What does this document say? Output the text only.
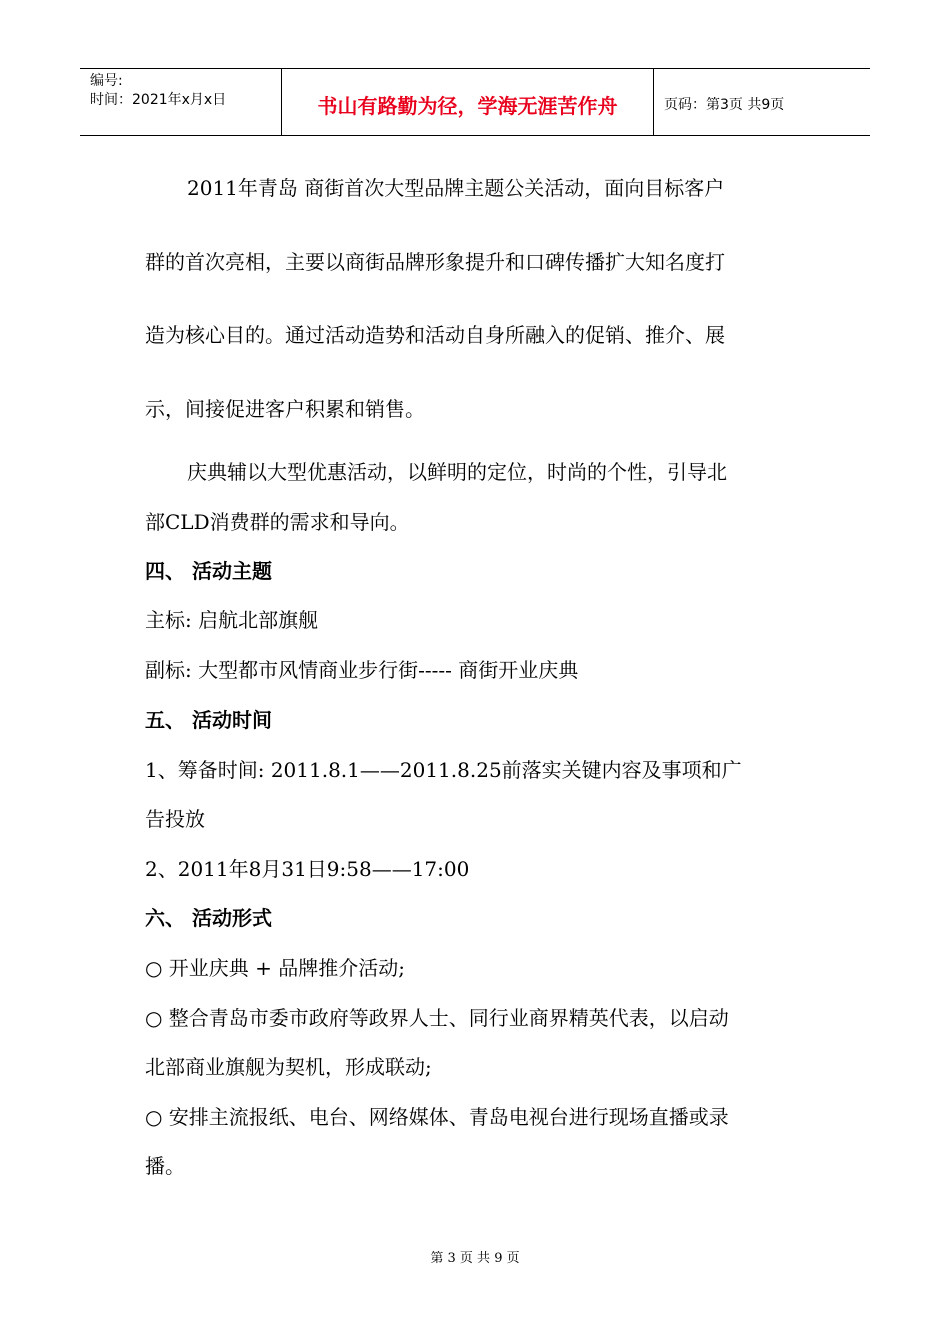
编号:
时间：2021年x月x日	书山有路勤为径，学海无涯苦作舟	页码：第3页 共9页
2011年青岛 商街首次大型品牌主题公关活动，面向目标客户
群的首次亮相，主要以商街品牌形象提升和口碑传播扩大知名度打
造为核心目的。通过活动造势和活动自身所融入的促销、推介、展
示，间接促进客户积累和销售。
庆典辅以大型优惠活动，以鲜明的定位，时尚的个性，引导北
部CLD消费群的需求和导向。
四、 活动主题
主标: 启航北部旗舰
副标: 大型都市风情商业步行街----- 商街开业庆典
五、 活动时间
1、筹备时间: 2011.8.1——2011.8.25前落实关键内容及事项和广
告投放
2、2011年8月31日9:58——17:00
六、 活动形式
○ 开业庆典 + 品牌推介活动;
○ 整合青岛市委市政府等政界人士、同行业商界精英代表，以启动
北部商业旗舰为契机，形成联动;
○ 安排主流报纸、电台、网络媒体、青岛电视台进行现场直播或录
播。
第 3 页 共 9 页
